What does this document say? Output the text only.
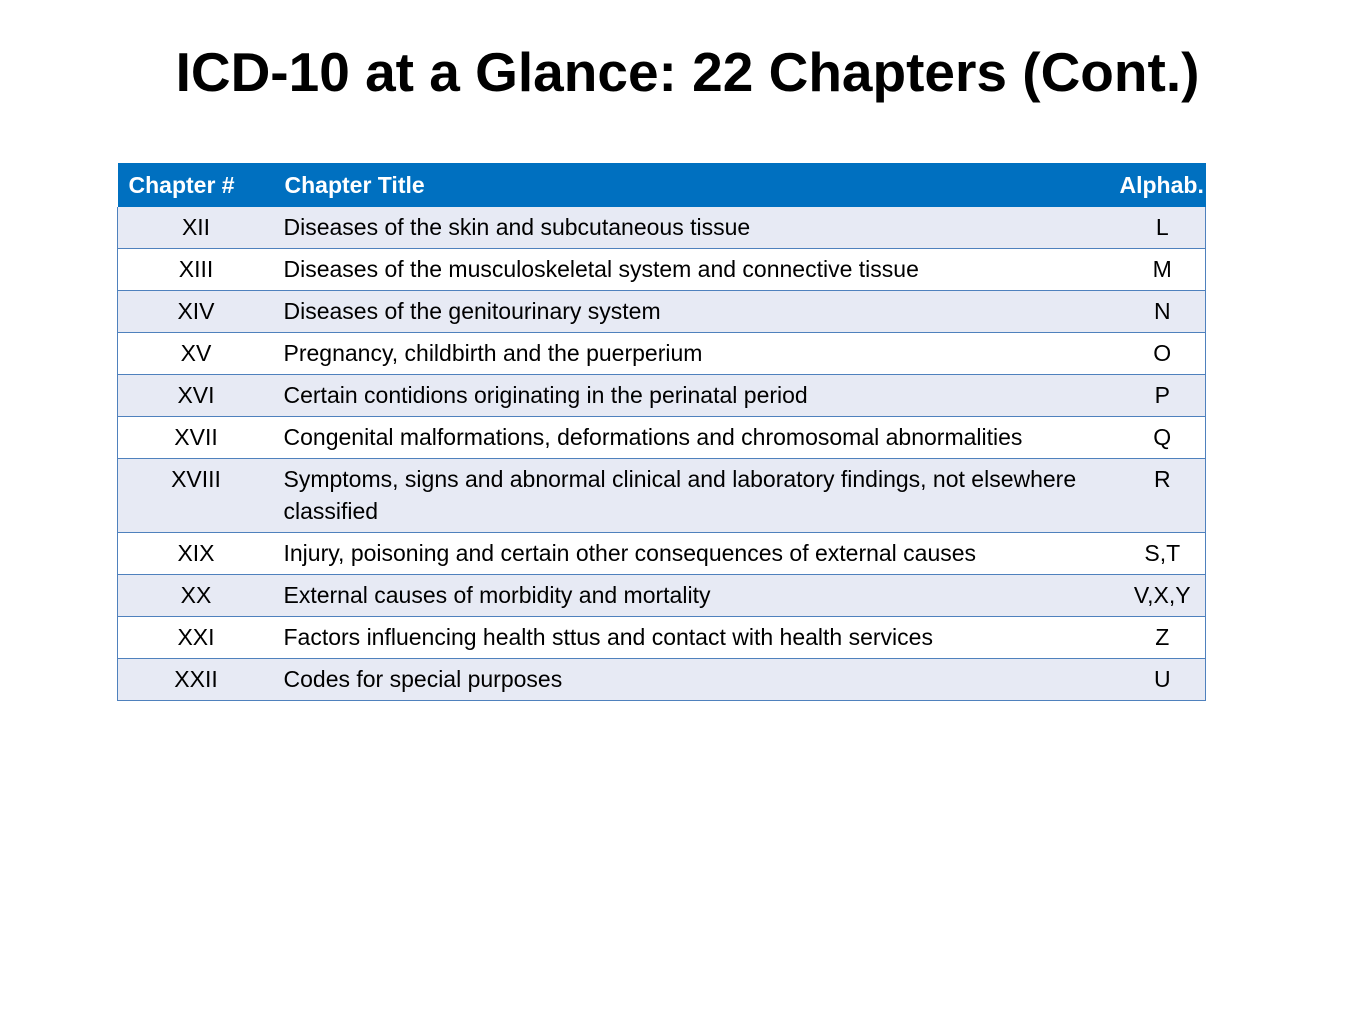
ICD-10 at a Glance: 22 Chapters (Cont.)
Chapter #	Chapter Title	Alphab. code

XII	Diseases of the skin and subcutaneous tissue	L

XIII	Diseases of the musculoskeletal system and connective tissue	M

XIV	Diseases of the genitourinary system	N

XV	Pregnancy, childbirth and the puerperium	O

XVI	Certain contidions originating in the perinatal period	P

XVII	Congenital malformations, deformations and chromosomal abnormalities	Q

XVIII	Symptoms, signs and abnormal clinical and laboratory findings, not elsewhere classified	R

XIX	Injury, poisoning and certain other consequences of external causes	S,T

XX	External causes of morbidity and mortality	V,X,Y

XXI	Factors influencing health sttus and contact with health services	Z

XXII	Codes for special purposes	U
